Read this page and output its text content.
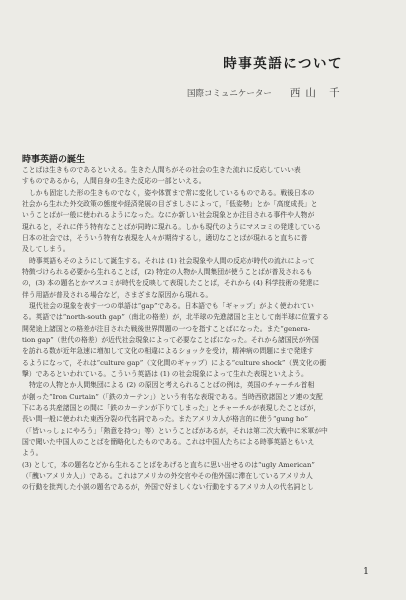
時事英語について
国際コミュニケーター 西山 千
時事英語の誕生
ことばは生きものであるといえる。生きた人間ちがその社会の生きた流れに反応していい表
すものであるから，人間自身の生きた反応の一部といえる。
しかも固定した形の生きものでなく，姿や体質まで常に変化しているものである。戦後日本の
社会から生れた外交政策の態度や経済発展の目ざましさによって，「低姿勢」とか「高度成長」と
いうことばが一般に使われるようになった。なにか新しい社会現象とか注目される事件や人物が
現れると，それに伴う特有なことばが同時に現れる。しかも現代のようにマスコミの発達している
日本の社会では，そういう特有な表現を人々が期待するし，適切なことばが現れると直ちに普
及してしまう。
時事英語もそのようにして誕生する。それは (1) 社会現象や人間の反応が時代の流れによって
特徴づけられる必要から生れることば，(2) 特定の人物か人間集団が使うことばが普及されるも
の，(3) 本の題名とかマスコミが時代を反映して表現したことば，それから (4) 科学技術の発達に
伴う用語が普及される場合など，さまざまな原因から現れる。
現代社会の現象を表す一つの単語は“gap”である。日本語でも「ギャップ」がよく使われてい
る。英語では“north-south gap”（南北の格差）が，北半球の先進諸国と主として南半球に位置する
開発途上諸国との格差が注目された戦後世界問題の一つを指すことばになった。また“genera-
tion gap”（世代の格差）が近代社会現象によって必要なことばになった。それから諸国民が外国
を訪れる数が近年急速に増加して文化の相違によるショックを受け，精神病の問題にまで発達す
るようになって，それは“culture gap”（文化間のギャップ）による“culture shock”（異文化の衝
撃）であるといわれている。こういう英語は (1) の社会現象によって生れた表現といえよう。
特定の人物とか人間集団による (2) の原因と考えられることばの例は，英国のチャーチル首相
が創った“Iron Curtain”（「鉄のカーテン」）という有名な表現である。当時西欧諸国とソ連の支配
下にある共産諸国との間に「鉄のカーテンが下りてしまった」とチャーチルが表現したことばが，
長い間一般に使われた東西分裂の代名詞であった。またアメリカ人が格言的に使う“gung ho”
（「皆いっしょにやろう」「熱意を持つ」等）ということばがあるが，それは第二次大戦中に米軍が中
国で聞いた中国人のことばを簡略化したものである。これは中国人たちによる時事英語ともいえ
よう。
(3) として，本の題名などから生れることばをあげると直ちに思い出せるのは“ugly American”
（「醜いアメリカ人」）である。これはアメリカの外交官やその他外国に滞在しているアメリカ人
の行動を批判した小説の題名であるが，外国で好ましくない行動をするアメリカ人の代名詞とし
1
